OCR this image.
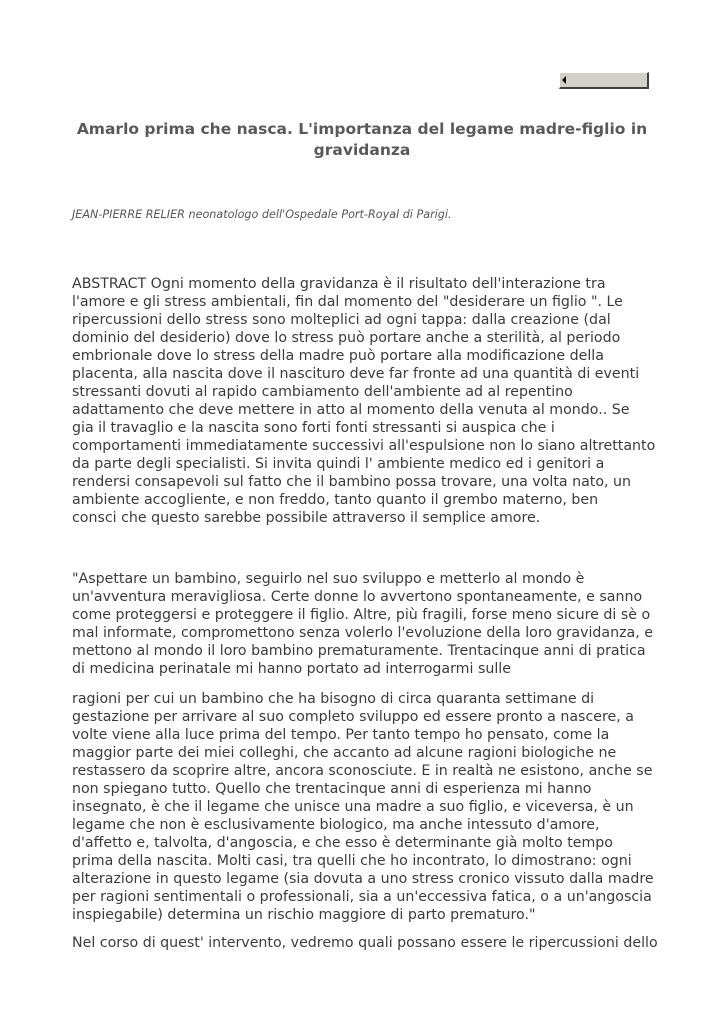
Amarlo prima che nasca. L'importanza del legame madre-figlio in
gravidanza
JEAN-PIERRE RELIER neonatologo dell'Ospedale Port-Royal di Parigi.
ABSTRACT Ogni momento della gravidanza è il risultato dell'interazione tra
l'amore e gli stress ambientali, fin dal momento del "desiderare un figlio ". Le
ripercussioni dello stress sono molteplici ad ogni tappa: dalla creazione (dal
dominio del desiderio) dove lo stress può portare anche a sterilità, al periodo
embrionale dove lo stress della madre può portare alla modificazione della
placenta, alla nascita dove il nascituro deve far fronte ad una quantità di eventi
stressanti dovuti al rapido cambiamento dell'ambiente ad al repentino
adattamento che deve mettere in atto al momento della venuta al mondo.. Se
gia il travaglio e la nascita sono forti fonti stressanti si auspica che i
comportamenti immediatamente successivi all'espulsione non lo siano altrettanto
da parte degli specialisti. Si invita quindi l' ambiente medico ed i genitori a
rendersi consapevoli sul fatto che il bambino possa trovare, una volta nato, un
ambiente accogliente, e non freddo, tanto quanto il grembo materno, ben
consci che questo sarebbe possibile attraverso il semplice amore.
"Aspettare un bambino, seguirlo nel suo sviluppo e metterlo al mondo è
un'avventura meravigliosa. Certe donne lo avvertono spontaneamente, e sanno
come proteggersi e proteggere il figlio. Altre, più fragili, forse meno sicure di sè o
mal informate, compromettono senza volerlo l'evoluzione della loro gravidanza, e
mettono al mondo il loro bambino prematuramente. Trentacinque anni di pratica
di medicina perinatale mi hanno portato ad interrogarmi sulle
ragioni per cui un bambino che ha bisogno di circa quaranta settimane di
gestazione per arrivare al suo completo sviluppo ed essere pronto a nascere, a
volte viene alla luce prima del tempo. Per tanto tempo ho pensato, come la
maggior parte dei miei colleghi, che accanto ad alcune ragioni biologiche ne
restassero da scoprire altre, ancora sconosciute. E in realtà ne esistono, anche se
non spiegano tutto. Quello che trentacinque anni di esperienza mi hanno
insegnato, è che il legame che unisce una madre a suo figlio, e viceversa, è un
legame che non è esclusivamente biologico, ma anche intessuto d'amore,
d'affetto e, talvolta, d'angoscia, e che esso è determinante già molto tempo
prima della nascita. Molti casi, tra quelli che ho incontrato, lo dimostrano: ogni
alterazione in questo legame (sia dovuta a uno stress cronico vissuto dalla madre
per ragioni sentimentali o professionali, sia a un'eccessiva fatica, o a un'angoscia
inspiegabile) determina un rischio maggiore di parto prematuro."
Nel corso di quest' intervento, vedremo quali possano essere le ripercussioni dello
